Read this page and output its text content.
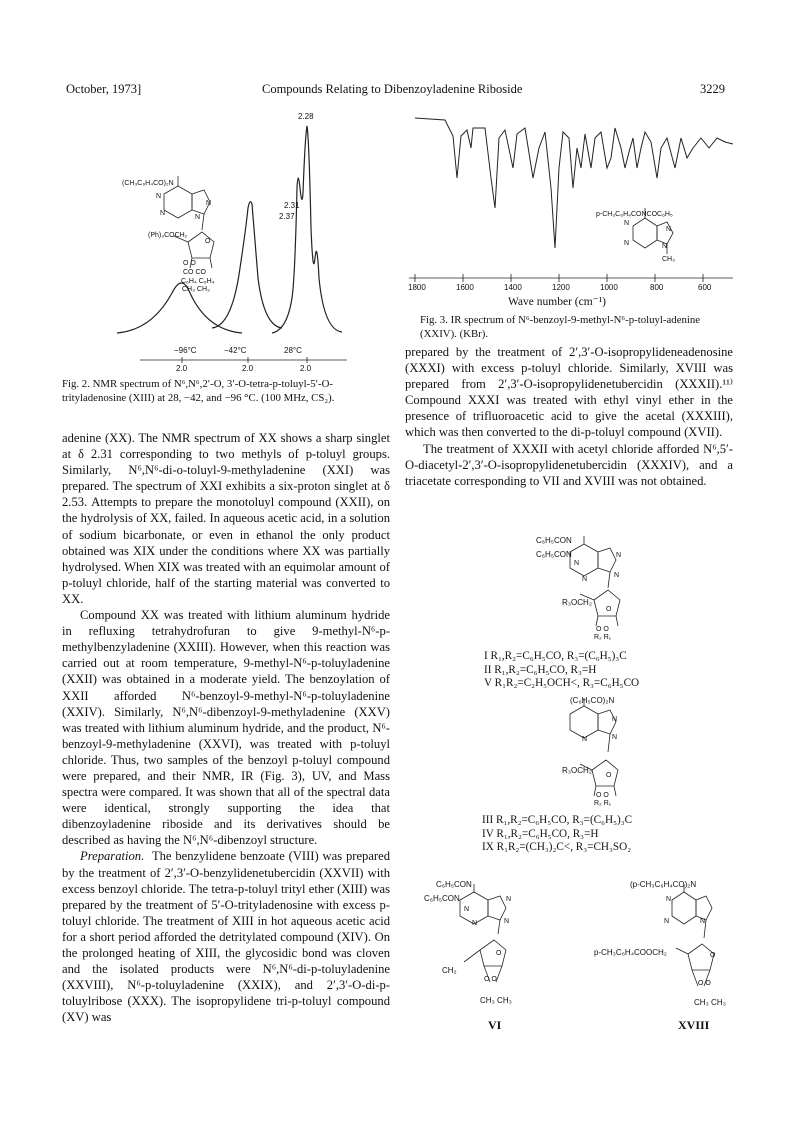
October, 1973]	Compounds Relating to Dibenzoyladenine Riboside	3229
2.28
2.31
2.37
(CH₃C₆H₄CO)₂N
N
N
N
N
(Ph)₃COCH₂
O
O O
CO CO
C₆H₄ C₆H₄
CH₃ CH₃
−96°C	−42°C	28°C
2.0	2.0	2.0
Fig. 2. NMR spectrum of N⁶,N⁶,2′-O, 3′-O-tetra-p-toluyl-5′-O-trityladenosine (XIII) at 28, −42, and −96 °C. (100 MHz, CS₂).
p-CH₃C₆H₄CONCOC₆H₅
N
N
N	N
CH₃
1800	1600	1400	1200	1000	800	600
Wave number (cm⁻¹)
Fig. 3. IR spectrum of N⁶-benzoyl-9-methyl-N⁶-p-toluyl-adenine (XXIV). (KBr).

adenine (XX). The NMR spectrum of XX shows a sharp singlet at δ 2.31 corresponding to two methyls of p-toluyl groups. Similarly, N⁶,N⁶-di-o-toluyl-9-methyladenine (XXI) was prepared. The spectrum of XXI exhibits a six-proton singlet at δ 2.53. Attempts to prepare the monotoluyl compound (XXII), on the hydrolysis of XX, failed. In aqueous acetic acid, in a solution of sodium bicarbonate, or even in ethanol the only product obtained was XIX under the conditions where XX was partially hydrolysed. When XIX was treated with an equimolar amount of p-toluyl chloride, half of the starting material was converted to XX.

Compound XX was treated with lithium aluminum hydride in refluxing tetrahydrofuran to give 9-methyl-N⁶-p-methylbenzyladenine (XXIII). However, when this reaction was carried out at room temperature, 9-methyl-N⁶-p-toluyladenine (XXII) was obtained in a moderate yield. The benzoylation of XXII afforded N⁶-benzoyl-9-methyl-N⁶-p-toluyladenine (XXIV). Similarly, N⁶,N⁶-dibenzoyl-9-methyladenine (XXV) was treated with lithium aluminum hydride, and the product, N⁶-benzoyl-9-methyladenine (XXVI), was treated with p-toluyl chloride. Thus, two samples of the benzoyl p-toluyl compound were prepared, and their NMR, IR (Fig. 3), UV, and Mass spectra were compared. It was shown that all of the spectral data were identical, strongly supporting the idea that dibenzoyladenine riboside and its derivatives should be described as having the N⁶,N⁶-dibenzoyl structure.

Preparation. The benzylidene benzoate (VIII) was prepared by the treatment of 2′,3′-O-benzylidenetubercidin (XXVII) with excess benzoyl chloride. The tetra-p-toluyl trityl ether (XIII) was prepared by the treatment of 5′-O-trityladenosine with excess p-toluyl chloride. The treatment of XIII in hot aqueous acetic acid for a short period afforded the detritylated compound (XIV). On the prolonged heating of XIII, the glycosidic bond was cloven and the isolated products were N⁶,N⁶-di-p-toluyladenine (XXVIII), N⁶-p-toluyladenine (XXIX), and 2′,3′-O-di-p-toluylribose (XXX). The isopropylidene tri-p-toluyl compound (XV) was

prepared by the treatment of 2′,3′-O-isopropylideneadenosine (XXXI) with excess p-toluyl chloride. Similarly, XVIII was prepared from 2′,3′-O-isopropylidenetubercidin (XXXII).¹¹⁾ Compound XXXI was treated with ethyl vinyl ether in the presence of trifluoroacetic acid to give the acetal (XXXIII), which was then converted to the di-p-toluyl compound (XVII).

The treatment of XXXII with acetyl chloride afforded N⁶,5′-O-diacetyl-2′,3′-O-isopropylidenetubercidin (XXXIV), and a triacetate corresponding to VII and XVIII was not obtained.

C₆H₅CON
C₆H₅CON
N
N
N
N
R₃OCH₂
O
O O
R₂ R₁
I R₁,R₂=C₆H₅CO, R₃=(C₆H₅)₃C
II R₁,R₂=C₆H₅CO, R₃=H
V R₁R₂=C₂H₅OCH<, R₃=C₆H₅CO
(C₆H₅CO)₂N
N
N	N
R₃OCH₂
O
O O
R₂ R₁
III R₁,R₂=C₆H₅CO, R₃=(C₆H₅)₃C
IV R₁,R₂=C₆H₅CO, R₃=H
IX R₁R₂=(CH₃)₂C<, R₃=CH₃SO₂
C₆H₅CON
C₆H₅CON
N
N
N	N
CH₂
O
O O
CH₃ CH₃
VI
(p-CH₃C₆H₄CO)₂N
N
N	N
p-CH₃C₆H₄COOCH₂	O
O O
CH₃ CH₃
XVIII
